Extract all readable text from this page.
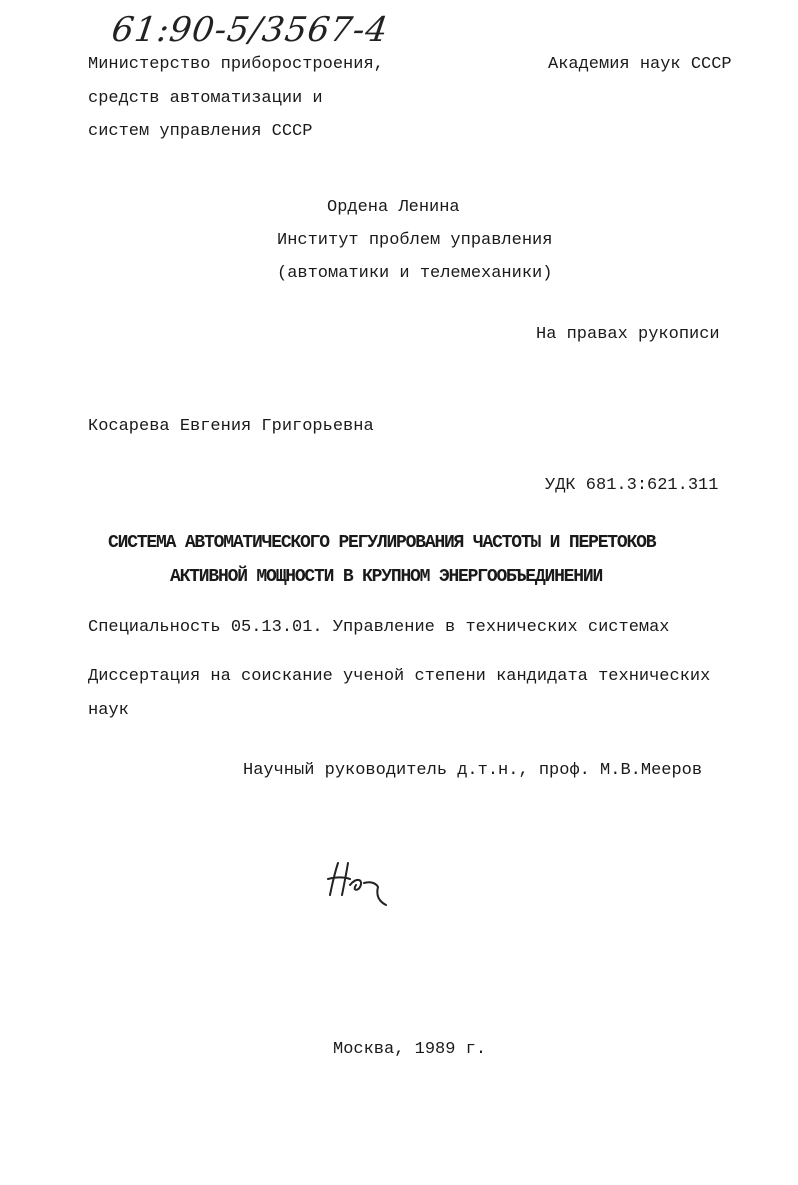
61:90-5/3567-4
Министерство приборостроения,
средств автоматизации и
систем управления СССР
Академия наук СССР
Ордена Ленина
Институт проблем управления
(автоматики и телемеханики)
На правах рукописи
Косарева Евгения Григорьевна
УДК 681.3:621.311
СИСТЕМА АВТОМАТИЧЕСКОГО РЕГУЛИРОВАНИЯ ЧАСТОТЫ И ПЕРЕТОКОВ
АКТИВНОЙ МОЩНОСТИ В КРУПНОМ ЭНЕРГООБЪЕДИНЕНИИ
Специальность 05.13.01. Управление в технических системах
Диссертация на соискание ученой степени кандидата технических
наук
Научный руководитель д.т.н., проф. М.В.Мееров
Москва, 1989 г.
